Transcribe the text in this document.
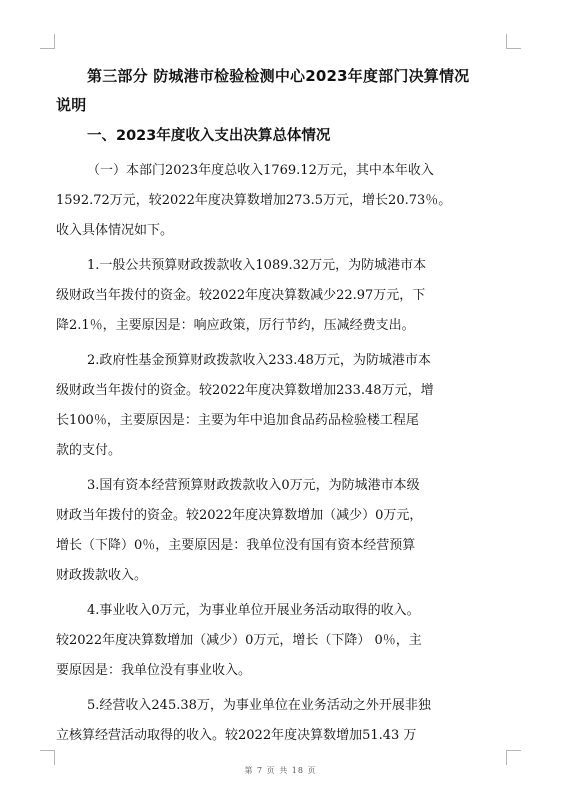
第三部分 防城港市检验检测中心2023年度部门决算情况
说明
一、2023年度收入支出决算总体情况
（一）本部门2023年度总收入1769.12万元，其中本年收入
1592.72万元，较2022年度决算数增加273.5万元，增长20.73％。
收入具体情况如下。
1.一般公共预算财政拨款收入1089.32万元，为防城港市本
级财政当年拨付的资金。较2022年度决算数减少22.97万元，下
降2.1％，主要原因是：响应政策，厉行节约，压减经费支出。
2.政府性基金预算财政拨款收入233.48万元，为防城港市本
级财政当年拨付的资金。较2022年度决算数增加233.48万元，增
长100％，主要原因是：主要为年中追加食品药品检验楼工程尾
款的支付。
3.国有资本经营预算财政拨款收入0万元，为防城港市本级
财政当年拨付的资金。较2022年度决算数增加（减少）0万元，
增长（下降）0％，主要原因是：我单位没有国有资本经营预算
财政拨款收入。
4.事业收入0万元，为事业单位开展业务活动取得的收入。
较2022年度决算数增加（减少）0万元，增长（下降） 0％，主
要原因是：我单位没有事业收入。
5.经营收入245.38万，为事业单位在业务活动之外开展非独
立核算经营活动取得的收入。较2022年度决算数增加51.43 万
第 7 页 共 18 页
